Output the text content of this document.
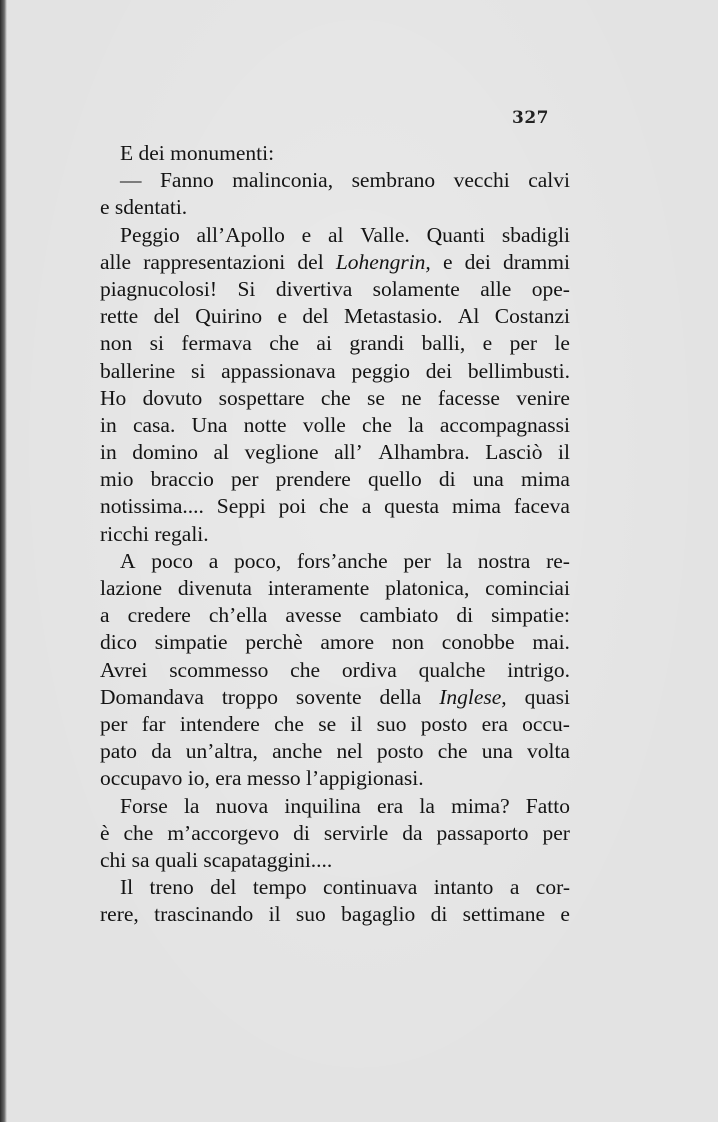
327
E dei monumenti:
— Fanno malinconia, sembrano vecchi calvi
e sdentati.
Peggio all’Apollo e al Valle. Quanti sbadigli
alle rappresentazioni del Lohengrin, e dei drammi
piagnucolosi! Si divertiva solamente alle ope-
rette del Quirino e del Metastasio. Al Costanzi
non si fermava che ai grandi balli, e per le
ballerine si appassionava peggio dei bellimbusti.
Ho dovuto sospettare che se ne facesse venire
in casa. Una notte volle che la accompagnassi
in domino al veglione all’ Alhambra. Lasciò il
mio braccio per prendere quello di una mima
notissima.... Seppi poi che a questa mima faceva
ricchi regali.
A poco a poco, fors’anche per la nostra re-
lazione divenuta interamente platonica, cominciai
a credere ch’ella avesse cambiato di simpatie:
dico simpatie perchè amore non conobbe mai.
Avrei scommesso che ordiva qualche intrigo.
Domandava troppo sovente della Inglese, quasi
per far intendere che se il suo posto era occu-
pato da un’altra, anche nel posto che una volta
occupavo io, era messo l’appigionasi.
Forse la nuova inquilina era la mima? Fatto
è che m’accorgevo di servirle da passaporto per
chi sa quali scapataggini....
Il treno del tempo continuava intanto a cor-
rere, trascinando il suo bagaglio di settimane e
